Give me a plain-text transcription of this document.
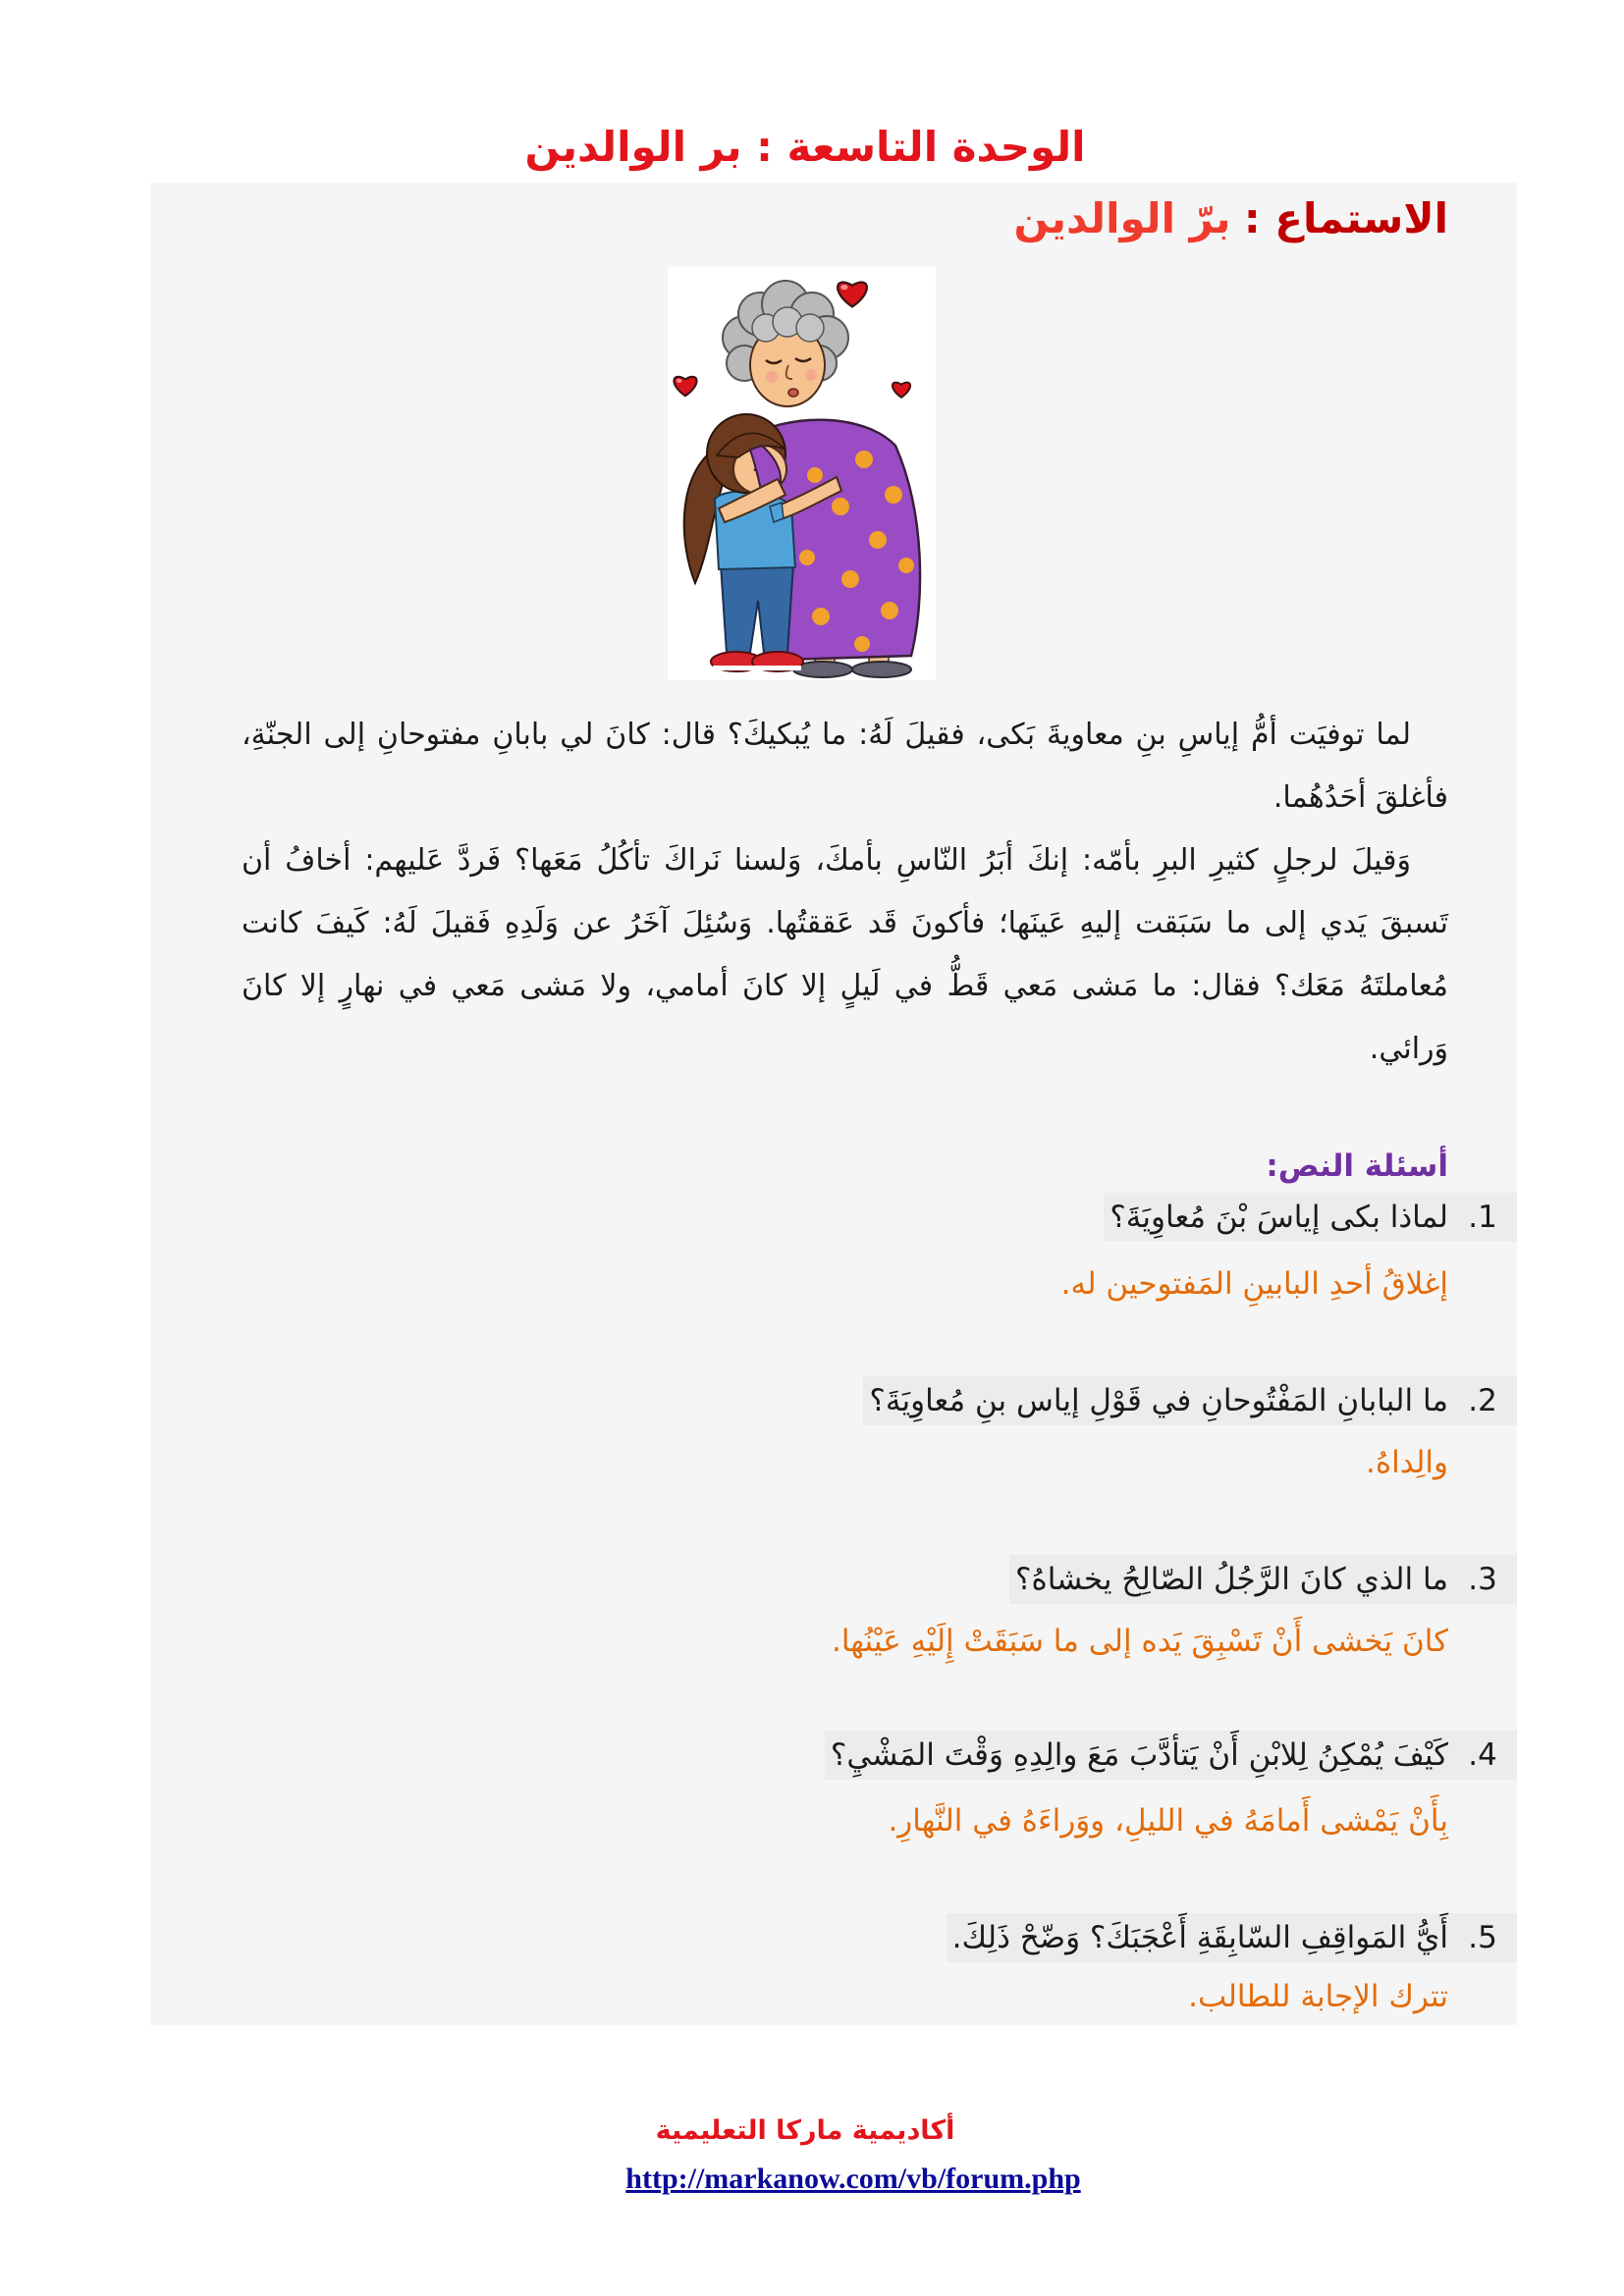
الوحدة التاسعة : بر الوالدين
الاستماع : برّ الوالدين

لما توفيَت أمُّ إياسِ بنِ معاويةَ بَكى، فقيلَ لَهُ: ما يُبكيكَ؟ قال: كانَ لي بابانِ مفتوحانِ إلى الجنّةِ، فأغلقَ أحَدُهُما.

وَقيلَ لرجلٍ كثيرِ البرِ بأمّه: إنكَ أبَرُ النّاسِ بأمكَ، وَلسنا نَراكَ تأكُلُ مَعَها؟ فَردَّ عَليهم: أخافُ أن تَسبقَ يَدي إلى ما سَبَقت إليهِ عَينَها؛ فأكونَ قَد عَققتُها. وَسُئِلَ آخَرُ عن وَلَدِهِ فَقيلَ لَهُ: كَيفَ كانت مُعاملتَهُ مَعَك؟ فقال: ما مَشى مَعي قَطُّ في لَيلٍ إلا كانَ أمامي، ولا مَشى مَعي في نهارٍ إلا كانَ وَرائي.

أسئلة النص:
1.
لماذا بكى إياسَ بْنَ مُعاوِيَةَ؟
إغلاقُ أحدِ البابينِ المَفتوحين له.
2.
ما البابانِ المَفْتُوحانِ في قَوْلِ إياس بنِ مُعاوِيَةَ؟
والِداهُ.
3.
ما الذي كانَ الرَّجُلُ الصّالِحُ يخشاهُ؟
كانَ يَخشى أَنْ تَسْبِقَ يَده إلى ما سَبَقَتْ إِلَيْهِ عَيْنُها.
4.
كَيْفَ يُمْكِنُ لِلابْنِ أَنْ يَتأدَّبَ مَعَ والِدِهِ وَقْتَ المَشْيِ؟
بِأَنْ يَمْشى أَمامَهُ في الليلِ، ووَراءَهُ في النَّهارِ.
5.
أَيُّ المَواقِفِ السّابِقَةِ أَعْجَبَكَ؟ وَضّحْ ذَلِكَ.
تترك الإجابة للطالب.
أكاديمية ماركا التعليمية
http://markanow.com/vb/forum.php
